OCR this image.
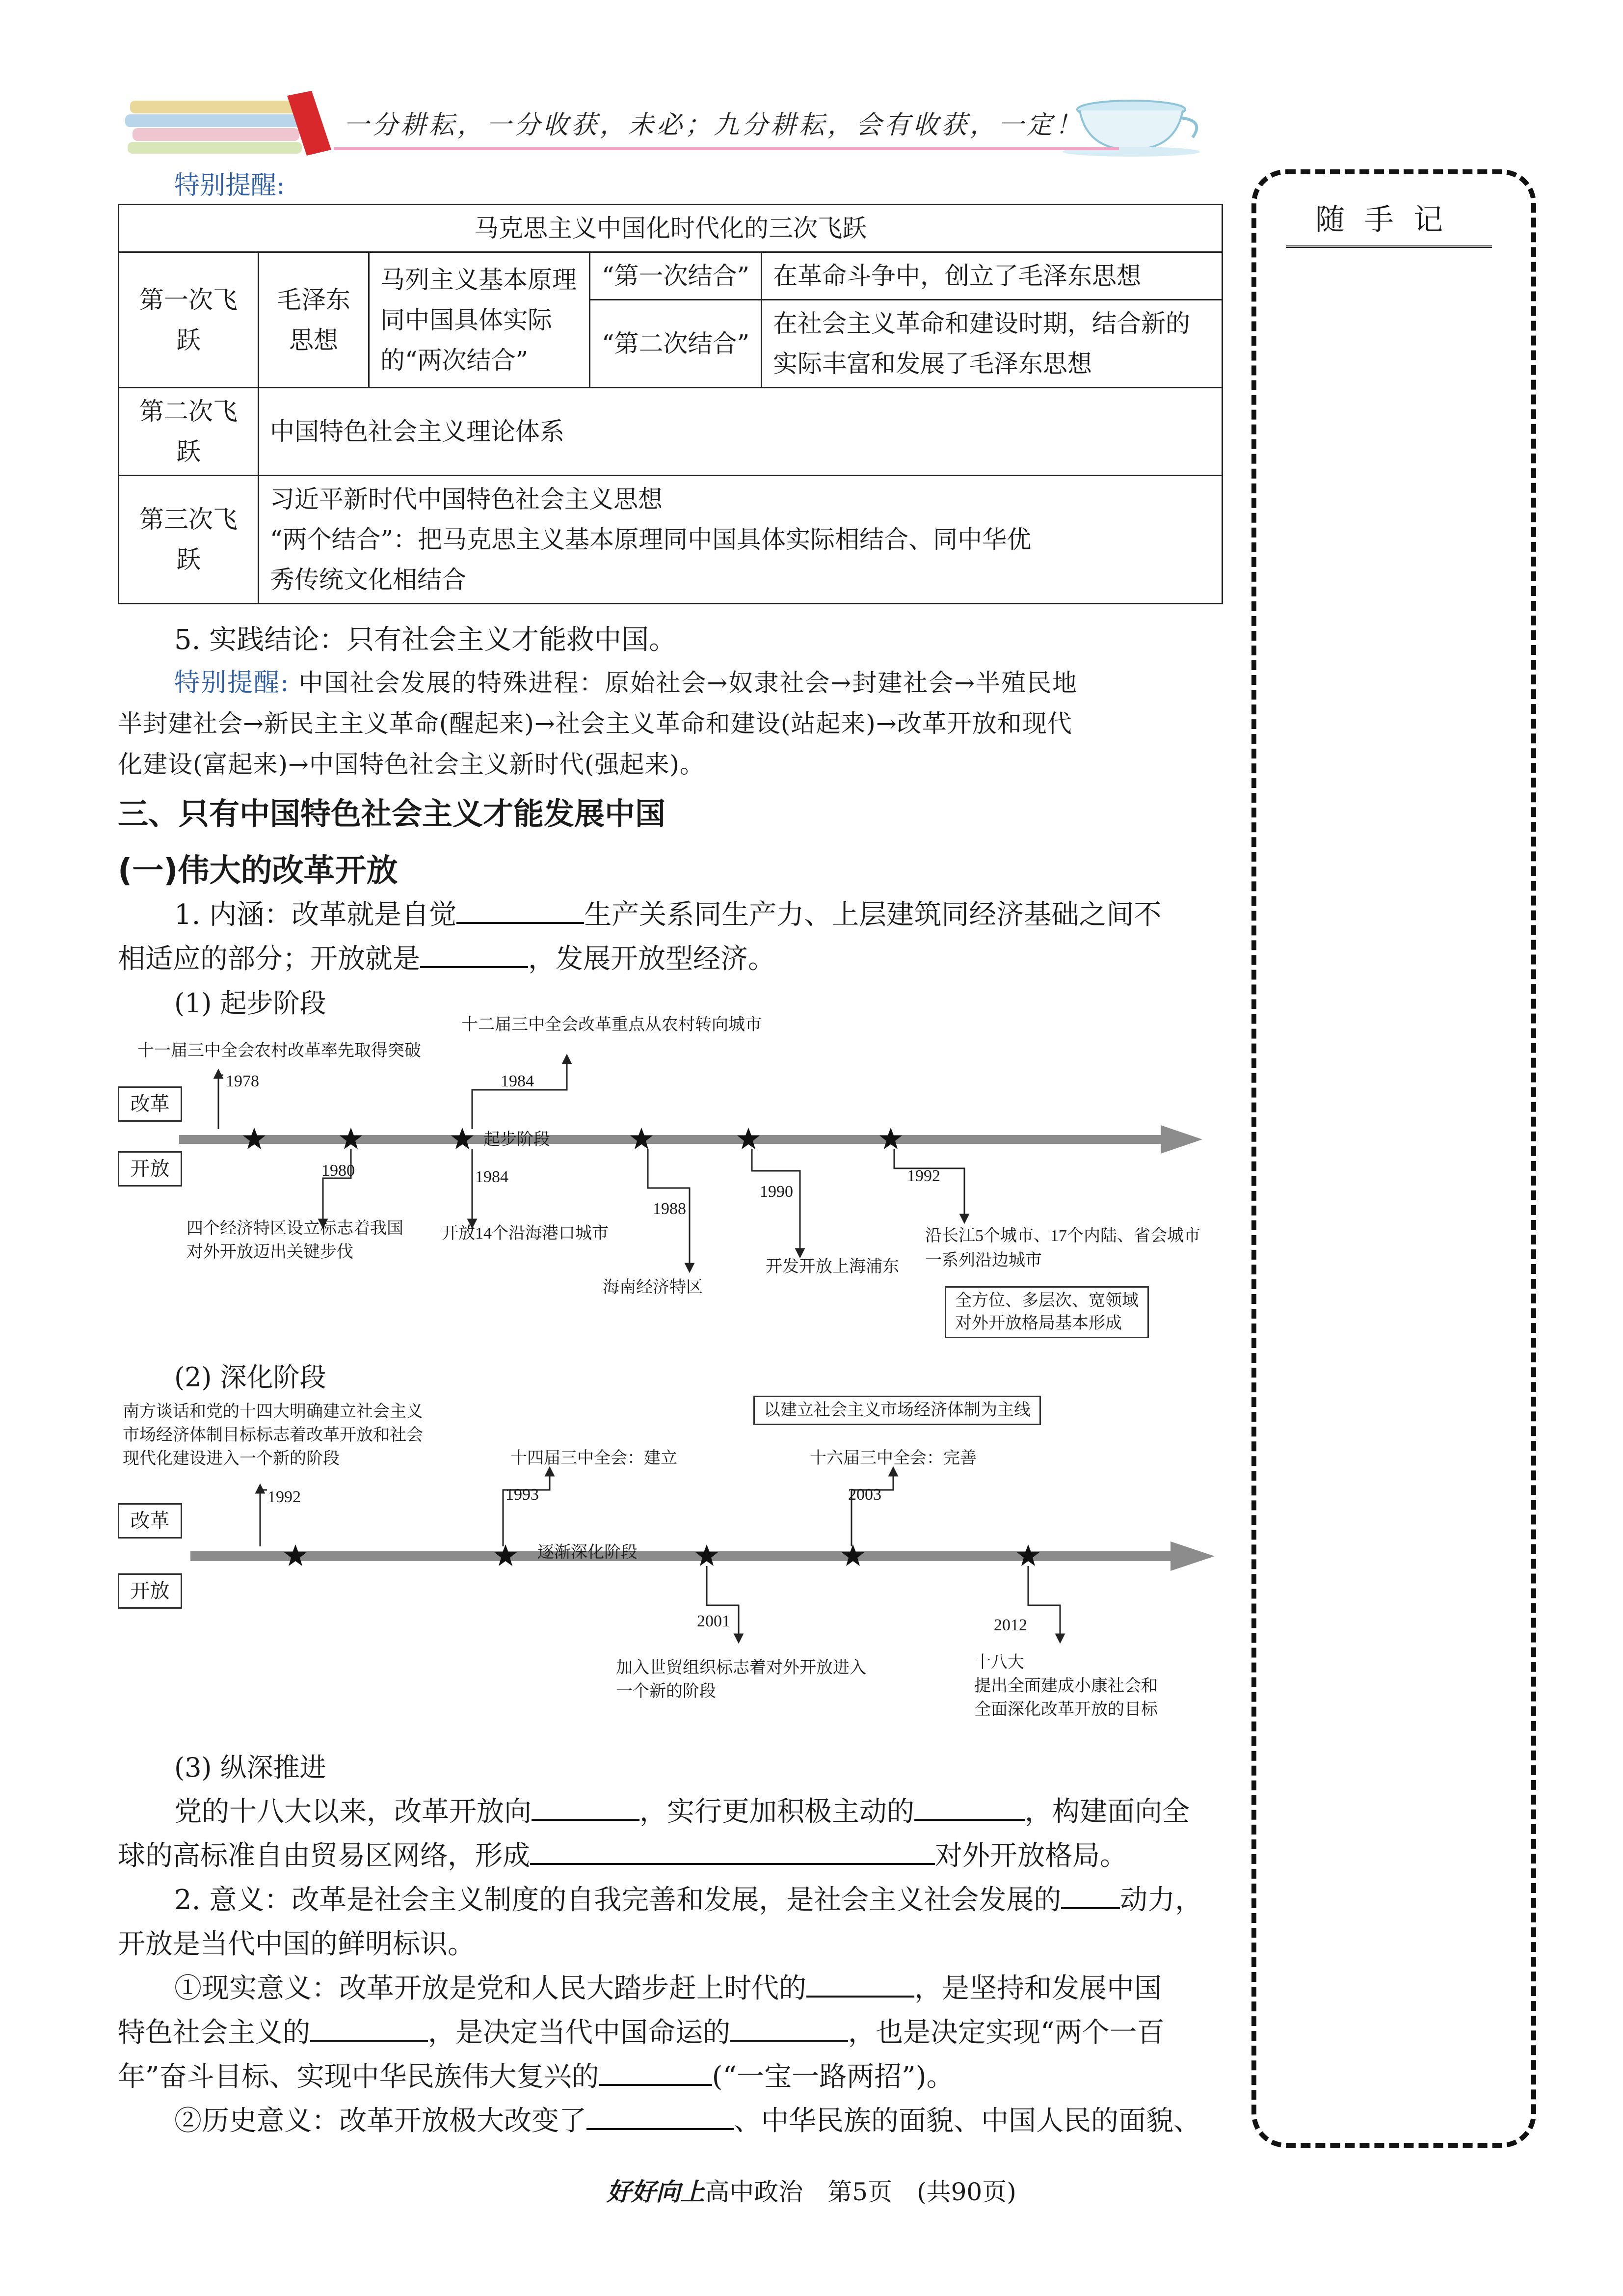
一分耕耘，一分收获，未必；九分耕耘，会有收获，一定！
随手记
特别提醒:
马克思主义中国化时代化的三次飞跃				
第一次飞跃	毛泽东思想	马列主义基本原理同中国具体实际的“两次结合”	“第一次结合”	在革命斗争中，创立了毛泽东思想
			“第二次结合”	在社会主义革命和建设时期，结合新的实际丰富和发展了毛泽东思想
第二次飞跃	中国特色社会主义理论体系			
第三次飞跃	习近平新时代中国特色社会主义思想
“两个结合”：把马克思主义基本原理同中国具体实际相结合、同中华优
秀传统文化相结合			
5. 实践结论：只有社会主义才能救中国。
特别提醒: 中国社会发展的特殊进程：原始社会→奴隶社会→封建社会→半殖民地
半封建社会→新民主主义革命(醒起来)→社会主义革命和建设(站起来)→改革开放和现代
化建设(富起来)→中国特色社会主义新时代(强起来)。
三、只有中国特色社会主义才能发展中国
(一)伟大的改革开放
1. 内涵：改革就是自觉	生产关系同生产力、上层建筑同经济基础之间不
相适应的部分；开放就是	，发展开放型经济。
(1) 起步阶段
改革
开放
起步阶段
十一届三中全会农村改革率先取得突破
1978
十二届三中全会改革重点从农村转向城市
1984
1980
四个经济特区设立标志着我国
对外开放迈出关键步伐
1984
开放14个沿海港口城市
1988
海南经济特区
1990
开发开放上海浦东
1992
沿长江5个城市、17个内陆、省会城市
一系列沿边城市
全方位、多层次、宽领域
对外开放格局基本形成
(2) 深化阶段
改革
开放
逐渐深化阶段
以建立社会主义市场经济体制为主线
南方谈话和党的十四大明确建立社会主义
市场经济体制目标标志着改革开放和社会
现代化建设进入一个新的阶段
1992
十四届三中全会：建立
1993
十六届三中全会：完善
2003
2001
加入世贸组织标志着对外开放进入
一个新的阶段
2012
十八大
提出全面建成小康社会和
全面深化改革开放的目标
(3) 纵深推进
党的十八大以来，改革开放向	，实行更加积极主动的	，构建面向全
球的高标准自由贸易区网络，形成	对外开放格局。
2. 意义：改革是社会主义制度的自我完善和发展，是社会主义社会发展的 动力，
开放是当代中国的鲜明标识。
①现实意义：改革开放是党和人民大踏步赶上时代的	，是坚持和发展中国
特色社会主义的	，是决定当代中国命运的	，也是决定实现“两个一百
年”奋斗目标、实现中华民族伟大复兴的	(“一宝一路两招”)。
②历史意义：改革开放极大改变了	、中华民族的面貌、中国人民的面貌、
好好向上高中政治　第5页　(共90页)
